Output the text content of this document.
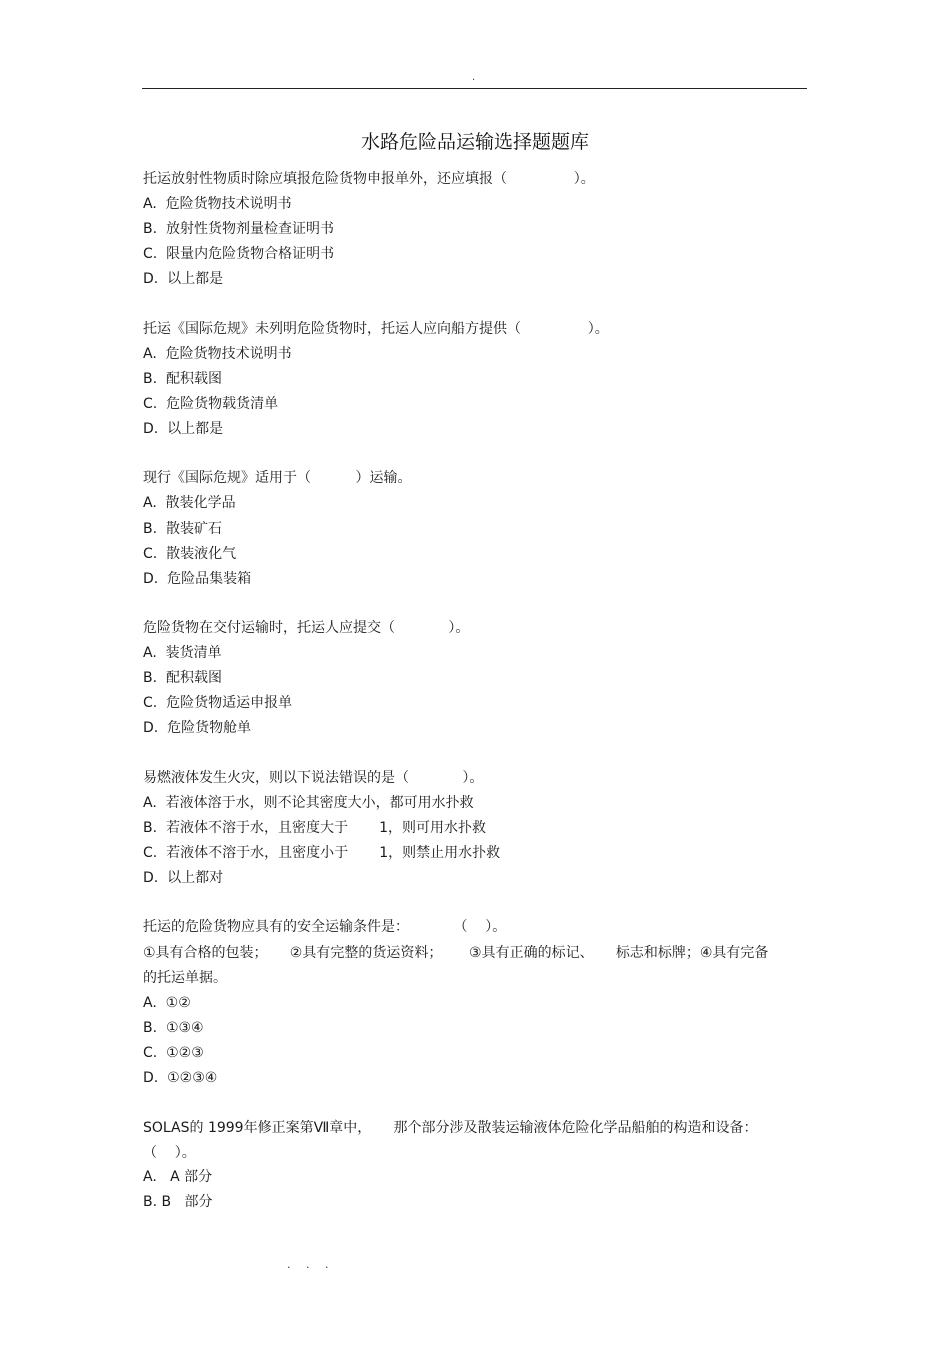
.
水路危险品运输选择题题库
托运放射性物质时除应填报危险货物申报单外，还应填报（               ）。
A.  危险货物技术说明书
B.  放射性货物剂量检查证明书
C.  限量内危险货物合格证明书
D.  以上都是
托运《国际危规》未列明危险货物时，托运人应向船方提供（               ）。
A.  危险货物技术说明书
B.  配积载图
C.  危险货物载货清单
D.  以上都是
现行《国际危规》适用于（          ）运输。
A.  散装化学品
B.  散装矿石
C.  散装液化气
D.  危险品集装箱
危险货物在交付运输时，托运人应提交（            ）。
A.  装货清单
B.  配积载图
C.  危险货物适运申报单
D.  危险货物舱单
易燃液体发生火灾，则以下说法错误的是（            ）。
A.  若液体溶于水，则不论其密度大小，都可用水扑救
B.  若液体不溶于水，且密度大于       1，则可用水扑救
C.  若液体不溶于水，且密度小于       1，则禁止用水扑救
D.  以上都对
托运的危险货物应具有的安全运输条件是：          （    ）。
①具有合格的包装；     ②具有完整的货运资料；      ③具有正确的标记、     标志和标牌；④具有完备
的托运单据。
A.  ①②
B.  ①③④
C.  ①②③
D.  ①②③④
SOLAS的 1999年修正案第Ⅶ章中，     那个部分涉及散装运输液体危险化学品船舶的构造和设备：
（    ）。
A.   A 部分
B. B   部分
. . .
